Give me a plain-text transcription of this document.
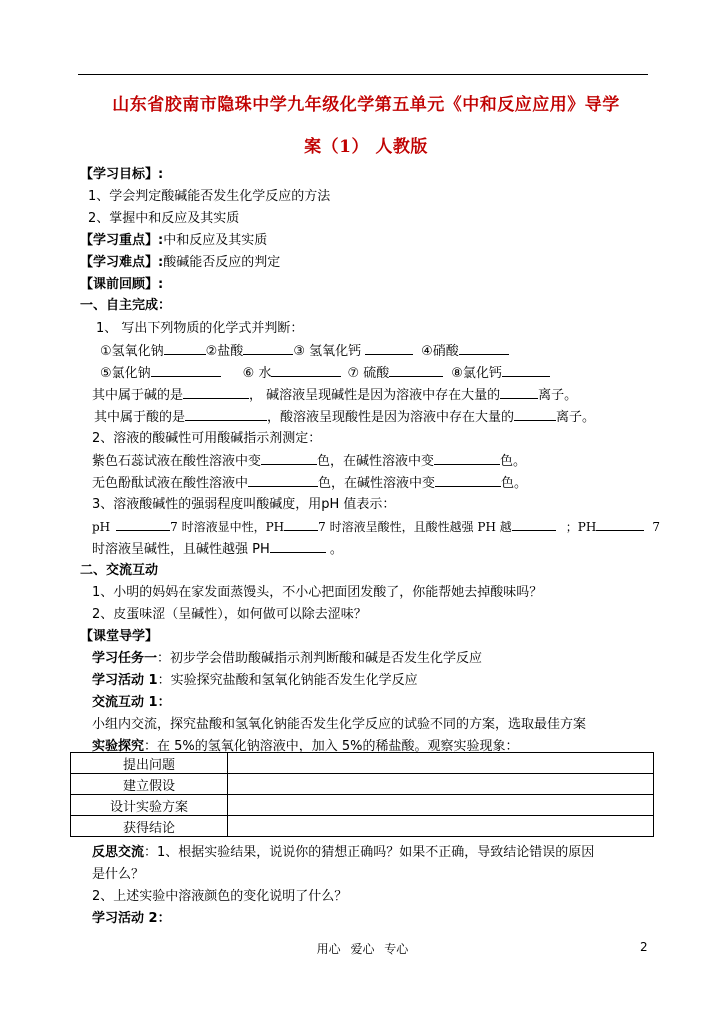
山东省胶南市隐珠中学九年级化学第五单元《中和反应应用》导学
案（1） 人教版
【学习目标】:
1、学会判定酸碱能否发生化学反应的方法
2、掌握中和反应及其实质
【学习重点】:中和反应及其实质
【学习难点】:酸碱能否反应的判定
【课前回顾】:
一、自主完成：
1、 写出下列物质的化学式并判断：
①氢氧化钠	②盐酸	③ 氢氧化钙	④硝酸
⑤氯化钠	⑥ 水	⑦ 硫酸	⑧氯化钙
其中属于碱的是	， 碱溶液呈现碱性是因为溶液中存在大量的	离子。
其中属于酸的是	，酸溶液呈现酸性是因为溶液中存在大量的	离子。
2、溶液的酸碱性可用酸碱指示剂测定：
紫色石蕊试液在酸性溶液中变	色，在碱性溶液中变	色。
无色酚酞试液在酸性溶液中	色，在碱性溶液中变	色。
3、溶液酸碱性的强弱程度叫酸碱度，用pH 值表示：
pH	7 时溶液显中性，PH	7 时溶液呈酸性，且酸性越强 PH 越	；PH	7
时溶液呈碱性，且碱性越强 PH	。
二、交流互动
1、小明的妈妈在家发面蒸馒头，不小心把面团发酸了，你能帮她去掉酸味吗？
2、皮蛋味涩（呈碱性），如何做可以除去涩味？
【课堂导学】
学习任务一：初步学会借助酸碱指示剂判断酸和碱是否发生化学反应
学习活动 1：实验探究盐酸和氢氧化钠能否发生化学反应
交流互动 1：
小组内交流，探究盐酸和氢氧化钠能否发生化学反应的试验不同的方案，选取最佳方案
实验探究：在 5%的氢氧化钠溶液中，加入 5%的稀盐酸。观察实验现象：
提出问题	
建立假设	
设计实验方案	
获得结论	
反思交流：1、根据实验结果，说说你的猜想正确吗？如果不正确，导致结论错误的原因
是什么？
2、上述实验中溶液颜色的变化说明了什么？
学习活动 2：
用心 爱心 专心	2
